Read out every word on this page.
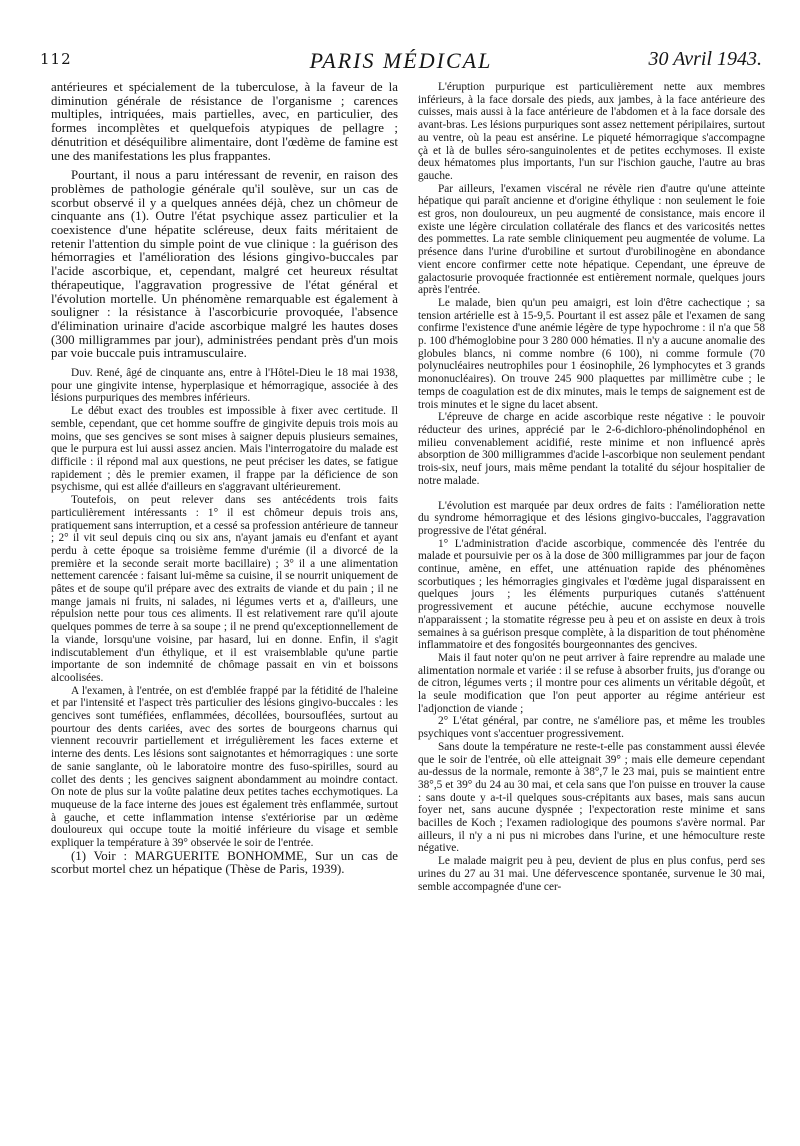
112	PARIS MÉDICAL	30 Avril 1943.

antérieures et spécialement de la tuberculose, à la faveur de la diminution générale de résistance de l'organisme ; carences multiples, intriquées, mais partielles, avec, en particulier, des formes incomplètes et quelquefois atypiques de pellagre ; dénutrition et déséquilibre alimentaire, dont l'œdème de famine est une des manifestations les plus frappantes.

Pourtant, il nous a paru intéressant de revenir, en raison des problèmes de pathologie générale qu'il soulève, sur un cas de scorbut observé il y a quelques années déjà, chez un chômeur de cinquante ans (1). Outre l'état psychique assez particulier et la coexistence d'une hépatite scléreuse, deux faits méritaient de retenir l'attention du simple point de vue clinique : la guérison des hémorragies et l'amélioration des lésions gingivo-buccales par l'acide ascorbique, et, cependant, malgré cet heureux résultat thérapeutique, l'aggravation progressive de l'état général et l'évolution mortelle. Un phénomène remarquable est également à souligner : la résistance à l'ascorbicurie provoquée, l'absence d'élimination urinaire d'acide ascorbique malgré les hautes doses (300 milligrammes par jour), administrées pendant près d'un mois par voie buccale puis intramusculaire.

Duv. René, âgé de cinquante ans, entre à l'Hôtel-Dieu le 18 mai 1938, pour une gingivite intense, hyperplasique et hémorragique, associée à des lésions purpuriques des membres inférieurs.

Le début exact des troubles est impossible à fixer avec certitude. Il semble, cependant, que cet homme souffre de gingivite depuis trois mois au moins, que ses gencives se sont mises à saigner depuis plusieurs semaines, que le purpura est lui aussi assez ancien. Mais l'interrogatoire du malade est difficile : il répond mal aux questions, ne peut préciser les dates, se fatigue rapidement ; dès le premier examen, il frappe par la déficience de son psychisme, qui est allée d'ailleurs en s'aggravant ultérieurement.

Toutefois, on peut relever dans ses antécédents trois faits particulièrement intéressants : 1° il est chômeur depuis trois ans, pratiquement sans interruption, et a cessé sa profession antérieure de tanneur ; 2° il vit seul depuis cinq ou six ans, n'ayant jamais eu d'enfant et ayant perdu à cette époque sa troisième femme d'urémie (il a divorcé de la première et la seconde serait morte bacillaire) ; 3° il a une alimentation nettement carencée : faisant lui-même sa cuisine, il se nourrit uniquement de pâtes et de soupe qu'il prépare avec des extraits de viande et du pain ; il ne mange jamais ni fruits, ni salades, ni légumes verts et a, d'ailleurs, une répulsion nette pour tous ces aliments. Il est relativement rare qu'il ajoute quelques pommes de terre à sa soupe ; il ne prend qu'exceptionnellement de la viande, lorsqu'une voisine, par hasard, lui en donne. Enfin, il s'agit indiscutablement d'un éthylique, et il est vraisemblable qu'une partie importante de son indemnité de chômage passait en vin et boissons alcoolisées.

A l'examen, à l'entrée, on est d'emblée frappé par la fétidité de l'haleine et par l'intensité et l'aspect très particulier des lésions gingivo-buccales : les gencives sont tuméfiées, enflammées, décollées, boursouflées, surtout au pourtour des dents cariées, avec des sortes de bourgeons charnus qui viennent recouvrir partiellement et irrégulièrement les faces externe et interne des dents. Les lésions sont saignotantes et hémorragiques : une sorte de sanie sanglante, où le laboratoire montre des fuso-spirilles, sourd au collet des dents ; les gencives saignent abondamment au moindre contact. On note de plus sur la voûte palatine deux petites taches ecchymotiques. La muqueuse de la face interne des joues est également très enflammée, surtout à gauche, et cette inflammation intense s'extériorise par un œdème douloureux qui occupe toute la moitié inférieure du visage et semble expliquer la température à 39° observée le soir de l'entrée.

(1) Voir : MARGUERITE BONHOMME, Sur un cas de scorbut mortel chez un hépatique (Thèse de Paris, 1939).

L'éruption purpurique est particulièrement nette aux membres inférieurs, à la face dorsale des pieds, aux jambes, à la face antérieure des cuisses, mais aussi à la face antérieure de l'abdomen et à la face dorsale des avant-bras. Les lésions purpuriques sont assez nettement péripilaires, surtout au ventre, où la peau est ansérine. Le piqueté hémorragique s'accompagne çà et là de bulles séro-sanguinolentes et de petites ecchymoses. Il existe deux hématomes plus importants, l'un sur l'ischion gauche, l'autre au bras gauche.

Par ailleurs, l'examen viscéral ne révèle rien d'autre qu'une atteinte hépatique qui paraît ancienne et d'origine éthylique : non seulement le foie est gros, non douloureux, un peu augmenté de consistance, mais encore il existe une légère circulation collatérale des flancs et des varicosités nettes des pommettes. La rate semble cliniquement peu augmentée de volume. La présence dans l'urine d'urobiline et surtout d'urobilinogène en abondance vient encore confirmer cette note hépatique. Cependant, une épreuve de galactosurie provoquée fractionnée est entièrement normale, quelques jours après l'entrée.

Le malade, bien qu'un peu amaigri, est loin d'être cachectique ; sa tension artérielle est à 15-9,5. Pourtant il est assez pâle et l'examen de sang confirme l'existence d'une anémie légère de type hypochrome : il n'a que 58 p. 100 d'hémoglobine pour 3 280 000 hématies. Il n'y a aucune anomalie des globules blancs, ni comme nombre (6 100), ni comme formule (70 polynucléaires neutrophiles pour 1 éosinophile, 26 lymphocytes et 3 grands mononucléaires). On trouve 245 900 plaquettes par millimètre cube ; le temps de coagulation est de dix minutes, mais le temps de saignement est de trois minutes et le signe du lacet absent.

L'épreuve de charge en acide ascorbique reste négative : le pouvoir réducteur des urines, apprécié par le 2-6-dichloro-phénolindophénol en milieu convenablement acidifié, reste minime et non influencé après absorption de 300 milligrammes d'acide l-ascorbique non seulement pendant trois-six, neuf jours, mais même pendant la totalité du séjour hospitalier de notre malade.

L'évolution est marquée par deux ordres de faits : l'amélioration nette du syndrome hémorragique et des lésions gingivo-buccales, l'aggravation progressive de l'état général.

1° L'administration d'acide ascorbique, commencée dès l'entrée du malade et poursuivie per os à la dose de 300 milligrammes par jour de façon continue, amène, en effet, une atténuation rapide des phénomènes scorbutiques ; les hémorragies gingivales et l'œdème jugal disparaissent en quelques jours ; les éléments purpuriques cutanés s'atténuent progressivement et aucune pétéchie, aucune ecchymose nouvelle n'apparaissent ; la stomatite régresse peu à peu et on assiste en deux à trois semaines à sa guérison presque complète, à la disparition de tout phénomène inflammatoire et des fongosités bourgeonnantes des gencives.

Mais il faut noter qu'on ne peut arriver à faire reprendre au malade une alimentation normale et variée : il se refuse à absorber fruits, jus d'orange ou de citron, légumes verts ; il montre pour ces aliments un véritable dégoût, et la seule modification que l'on peut apporter au régime antérieur est l'adjonction de viande ;

2° L'état général, par contre, ne s'améliore pas, et même les troubles psychiques vont s'accentuer progressivement.

Sans doute la température ne reste-t-elle pas constamment aussi élevée que le soir de l'entrée, où elle atteignait 39° ; mais elle demeure cependant au-dessus de la normale, remonte à 38°,7 le 23 mai, puis se maintient entre 38°,5 et 39° du 24 au 30 mai, et cela sans que l'on puisse en trouver la cause : sans doute y a-t-il quelques sous-crépitants aux bases, mais sans aucun foyer net, sans aucune dyspnée ; l'expectoration reste minime et sans bacilles de Koch ; l'examen radiologique des poumons s'avère normal. Par ailleurs, il n'y a ni pus ni microbes dans l'urine, et une hémoculture reste négative.

Le malade maigrit peu à peu, devient de plus en plus confus, perd ses urines du 27 au 31 mai. Une défervescence spontanée, survenue le 30 mai, semble accompagnée d'une cer-
